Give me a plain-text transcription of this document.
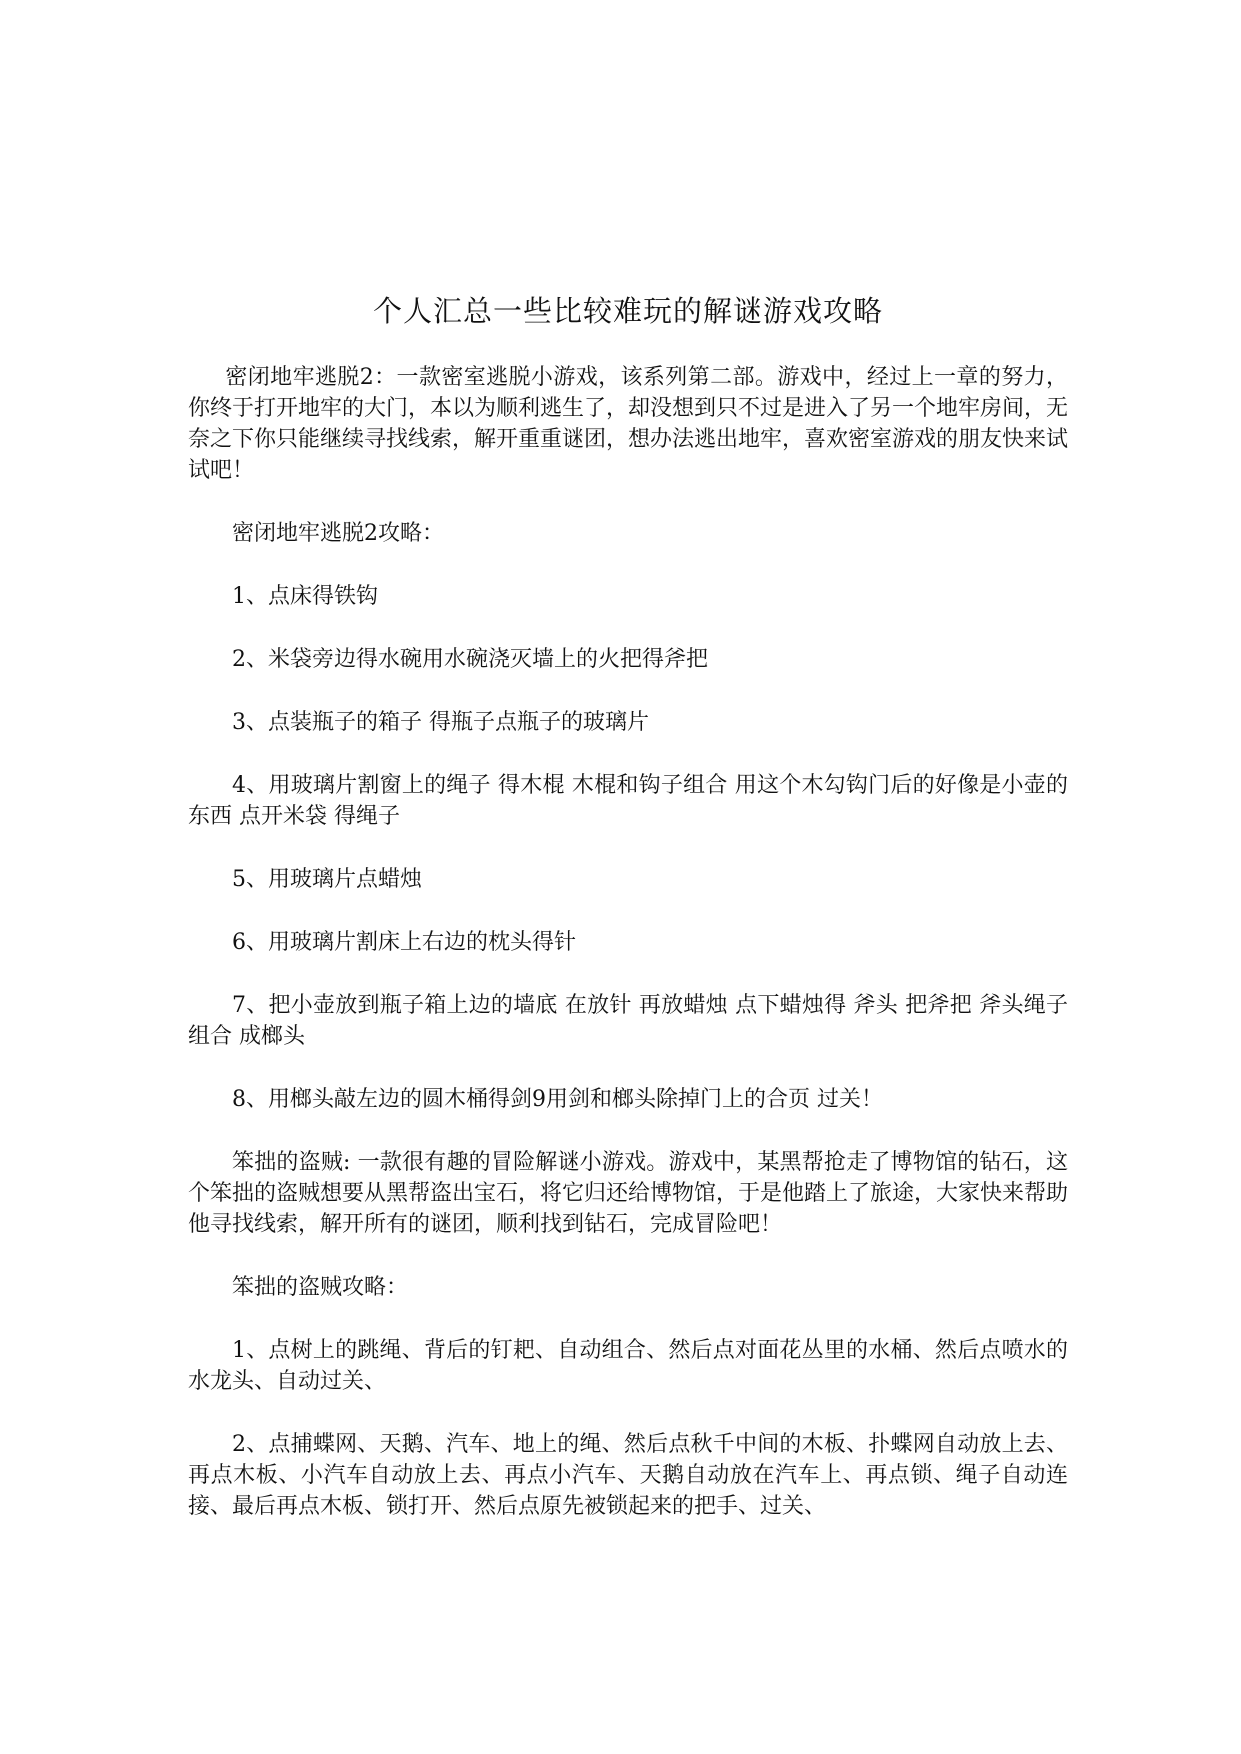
个人汇总一些比较难玩的解谜游戏攻略

密闭地牢逃脱2：一款密室逃脱小游戏，该系列第二部。游戏中，经过上一章的努力，你终于打开地牢的大门，本以为顺利逃生了，却没想到只不过是进入了另一个地牢房间，无奈之下你只能继续寻找线索，解开重重谜团，想办法逃出地牢，喜欢密室游戏的朋友快来试试吧！

密闭地牢逃脱2攻略：

1、点床得铁钩

2、米袋旁边得水碗用水碗浇灭墙上的火把得斧把

3、点装瓶子的箱子 得瓶子点瓶子的玻璃片

4、用玻璃片割窗上的绳子 得木棍 木棍和钩子组合 用这个木勾钩门后的好像是小壶的东西 点开米袋 得绳子

5、用玻璃片点蜡烛

6、用玻璃片割床上右边的枕头得针

7、把小壶放到瓶子箱上边的墙底 在放针 再放蜡烛 点下蜡烛得 斧头 把斧把 斧头绳子 组合 成榔头

8、用榔头敲左边的圆木桶得剑9用剑和榔头除掉门上的合页 过关！

笨拙的盗贼: 一款很有趣的冒险解谜小游戏。游戏中，某黑帮抢走了博物馆的钻石，这个笨拙的盗贼想要从黑帮盗出宝石，将它归还给博物馆，于是他踏上了旅途，大家快来帮助他寻找线索，解开所有的谜团，顺利找到钻石，完成冒险吧！

笨拙的盗贼攻略：

1、点树上的跳绳、背后的钉耙、自动组合、然后点对面花丛里的水桶、然后点喷水的水龙头、自动过关、

2、点捕蝶网、天鹅、汽车、地上的绳、然后点秋千中间的木板、扑蝶网自动放上去、再点木板、小汽车自动放上去、再点小汽车、天鹅自动放在汽车上、再点锁、绳子自动连接、最后再点木板、锁打开、然后点原先被锁起来的把手、过关、
